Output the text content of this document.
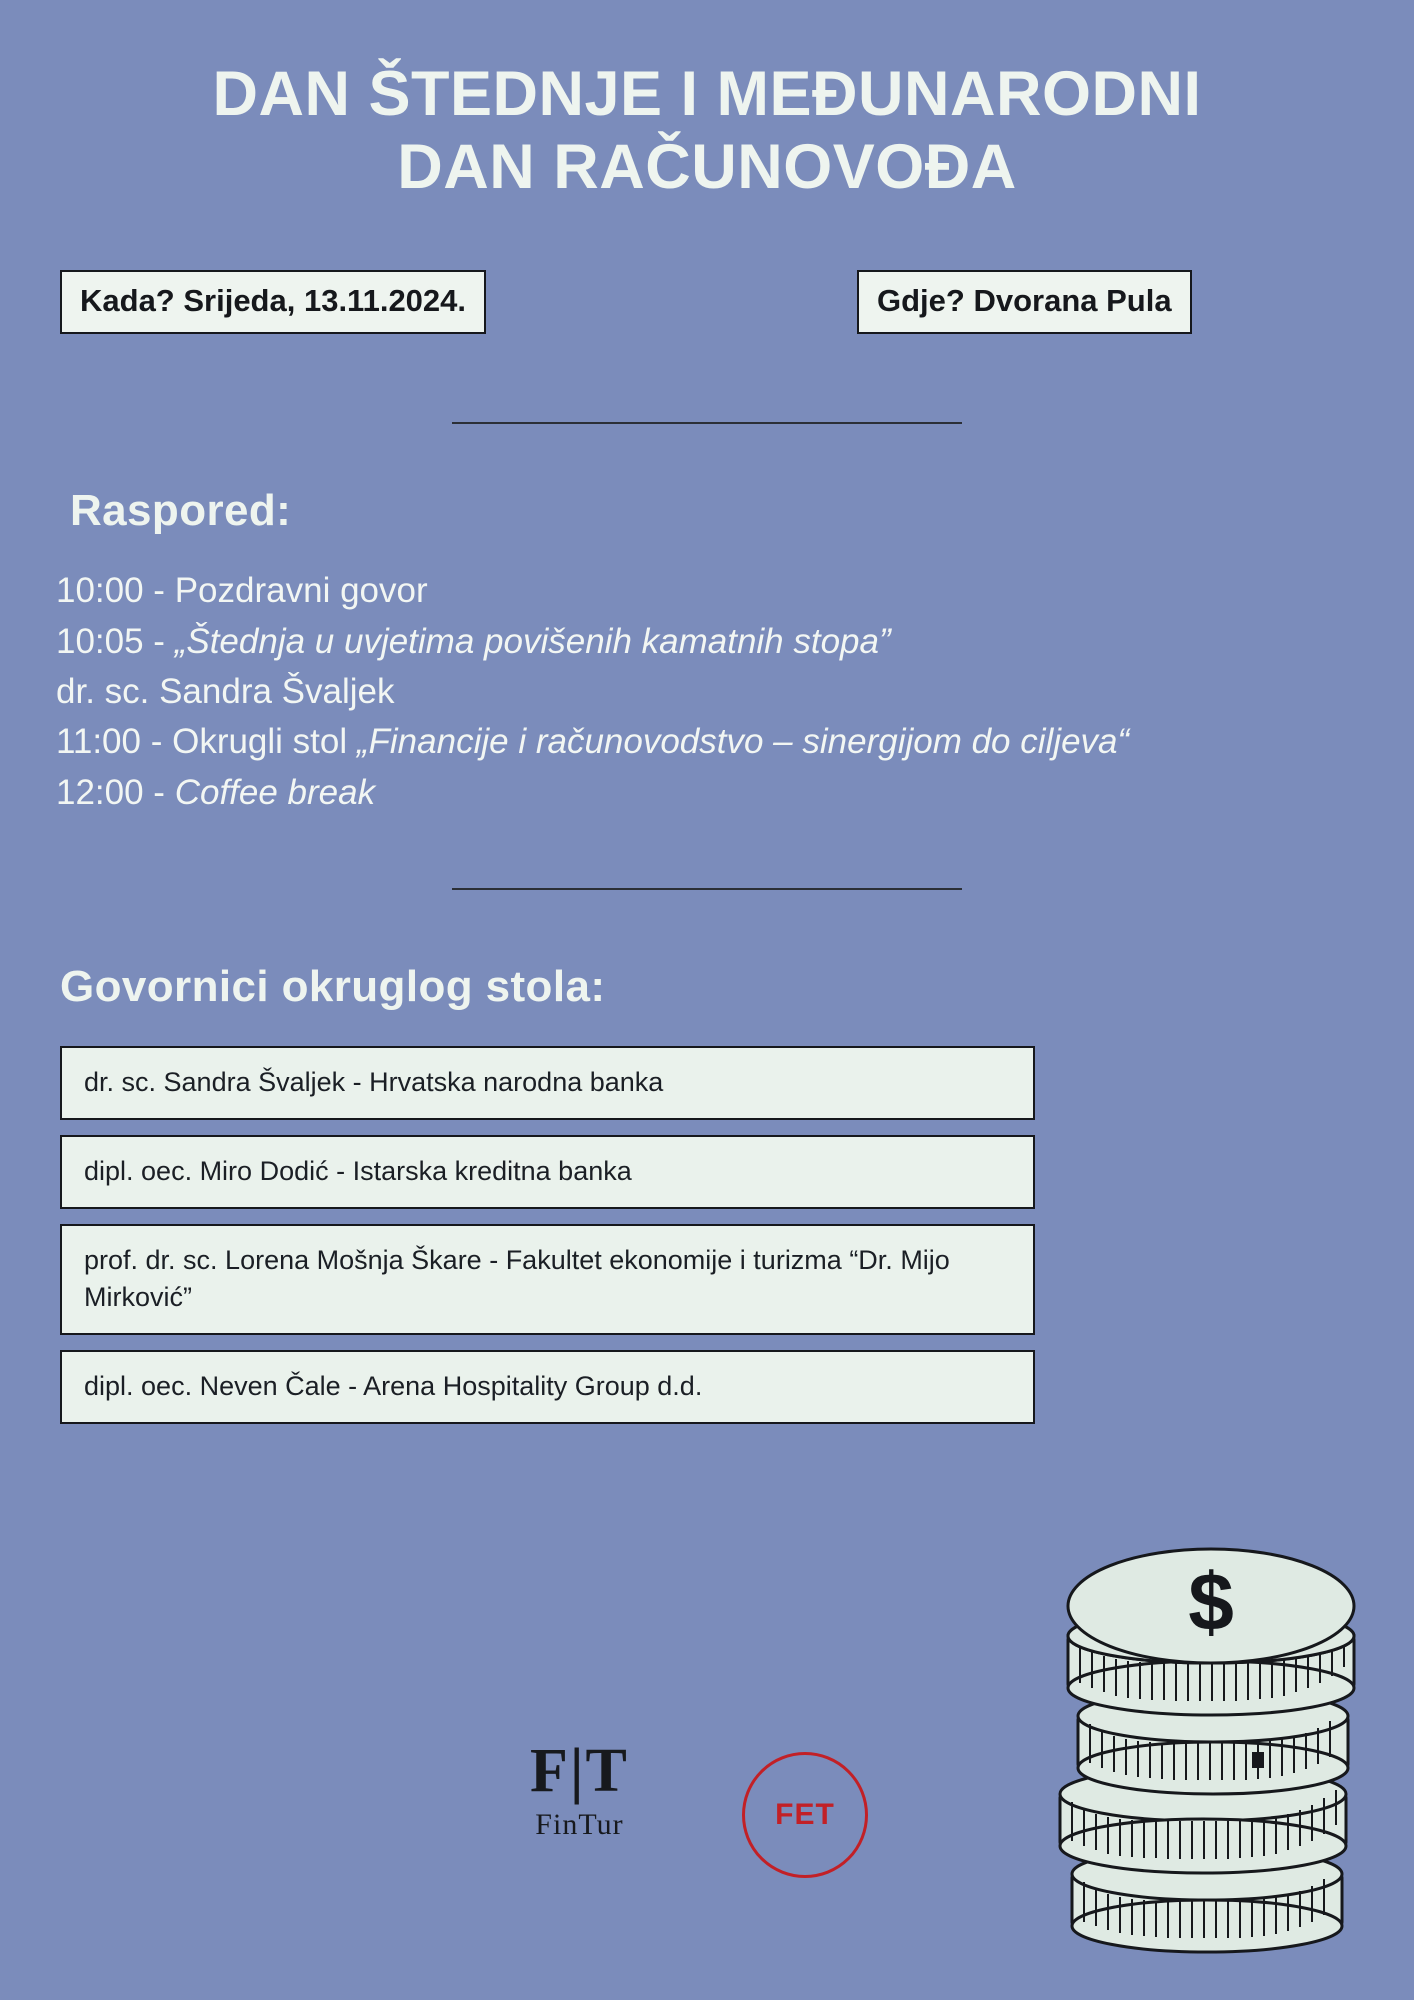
DAN ŠTEDNJE I MEĐUNARODNI
DAN RAČUNOVOĐA
Kada? Srijeda, 13.11.2024.	Gdje? Dvorana Pula
Raspored:
10:00 - Pozdravni govor
10:05 - „Štednja u uvjetima povišenih kamatnih stopa”
dr. sc. Sandra Švaljek
11:00 - Okrugli stol „Financije i računovodstvo – sinergijom do ciljeva“
12:00 - Coffee break
Govornici okruglog stola:
dr. sc. Sandra Švaljek - Hrvatska narodna banka
dipl. oec. Miro Dodić - Istarska kreditna banka
prof. dr. sc. Lorena Mošnja Škare - Fakultet ekonomije i turizma “Dr. Mijo Mirković”
dipl. oec. Neven Čale - Arena Hospitality Group d.d.
F|T
FinTur	FET
$
